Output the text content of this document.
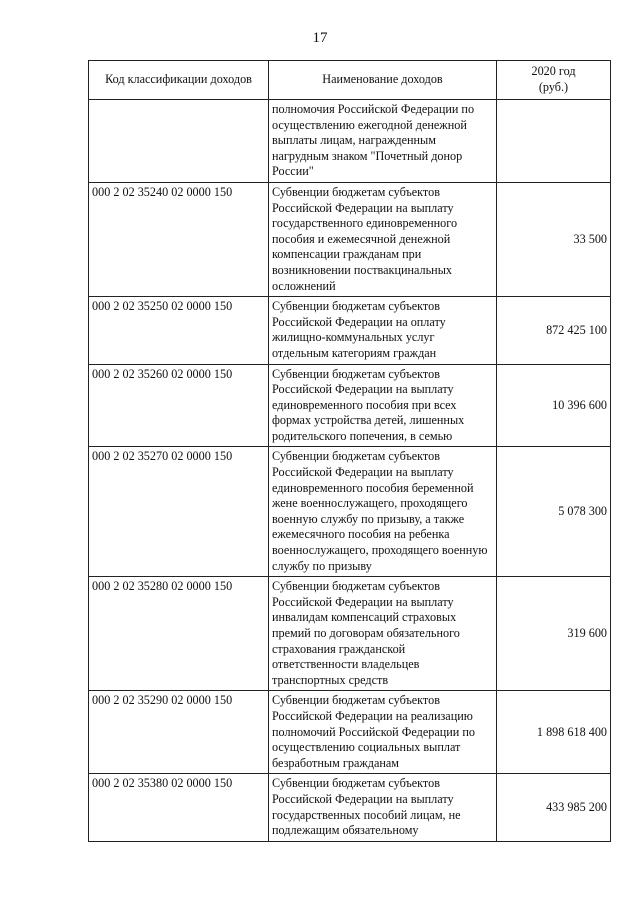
17
Код классификации доходов	Наименование доходов	2020 год
(руб.)

	полномочия Российской Федерации по осуществлению ежегодной денежной выплаты лицам, награжденным нагрудным знаком "Почетный донор России"	
000 2 02 35240 02 0000 150	Субвенции бюджетам субъектов Российской Федерации на выплату государственного единовременного пособия и ежемесячной денежной компенсации гражданам при возникновении поствакцинальных осложнений	33 500
000 2 02 35250 02 0000 150	Субвенции бюджетам субъектов Российской Федерации на оплату жилищно-коммунальных услуг отдельным категориям граждан	872 425 100
000 2 02 35260 02 0000 150	Субвенции бюджетам субъектов Российской Федерации на выплату единовременного пособия при всех формах устройства детей, лишенных родительского попечения, в семью	10 396 600
000 2 02 35270 02 0000 150	Субвенции бюджетам субъектов Российской Федерации на выплату единовременного пособия беременной жене военнослужащего, проходящего военную службу по призыву, а также ежемесячного пособия на ребенка военнослужащего, проходящего военную службу по призыву	5 078 300
000 2 02 35280 02 0000 150	Субвенции бюджетам субъектов Российской Федерации на выплату инвалидам компенсаций страховых премий по договорам обязательного страхования гражданской ответственности владельцев транспортных средств	319 600
000 2 02 35290 02 0000 150	Субвенции бюджетам субъектов Российской Федерации на реализацию полномочий Российской Федерации по осуществлению социальных выплат безработным гражданам	1 898 618 400
000 2 02 35380 02 0000 150	Субвенции бюджетам субъектов Российской Федерации на выплату государственных пособий лицам, не подлежащим обязательному	433 985 200
